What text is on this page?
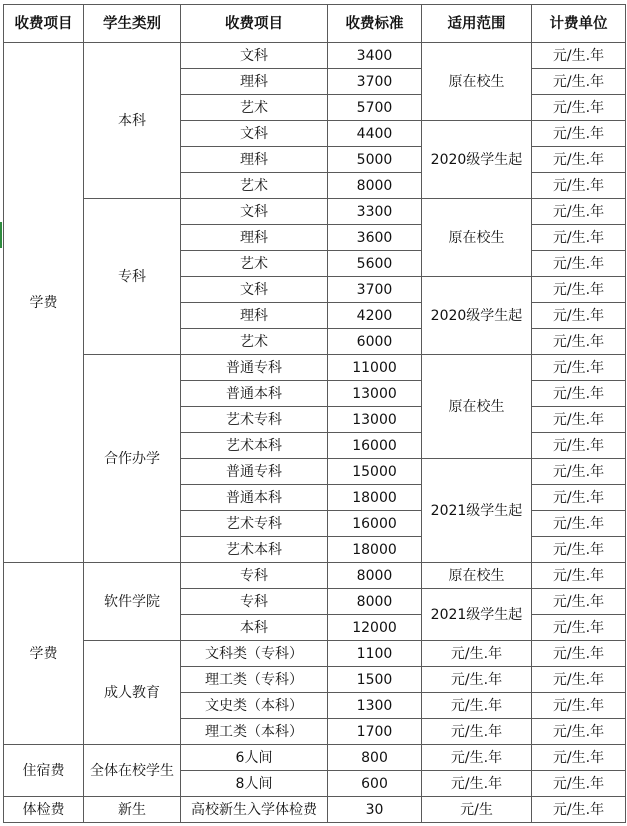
收费项目	学生类别	收费项目	收费标准	适用范围	计费单位
学费	本科	文科	3400	原在校生	元/生.年
		理科	3700		元/生.年
		艺术	5700		元/生.年
		文科	4400	2020级学生起	元/生.年
		理科	5000		元/生.年
		艺术	8000		元/生.年
	专科	文科	3300	原在校生	元/生.年
		理科	3600		元/生.年
		艺术	5600		元/生.年
		文科	3700	2020级学生起	元/生.年
		理科	4200		元/生.年
		艺术	6000		元/生.年
	合作办学	普通专科	11000	原在校生	元/生.年
		普通本科	13000		元/生.年
		艺术专科	13000		元/生.年
		艺术本科	16000		元/生.年
		普通专科	15000	2021级学生起	元/生.年
		普通本科	18000		元/生.年
		艺术专科	16000		元/生.年
		艺术本科	18000		元/生.年
学费	软件学院	专科	8000	原在校生	元/生.年
		专科	8000	2021级学生起	元/生.年
		本科	12000		元/生.年
	成人教育	文科类（专科）	1100	元/生.年	元/生.年
		理工类（专科）	1500	元/生.年	元/生.年
		文史类（本科）	1300	元/生.年	元/生.年
		理工类（本科）	1700	元/生.年	元/生.年
住宿费	全体在校学生	6人间	800	元/生.年	元/生.年
		8人间	600	元/生.年	元/生.年
体检费	新生	高校新生入学体检费	30	元/生	元/生.年
